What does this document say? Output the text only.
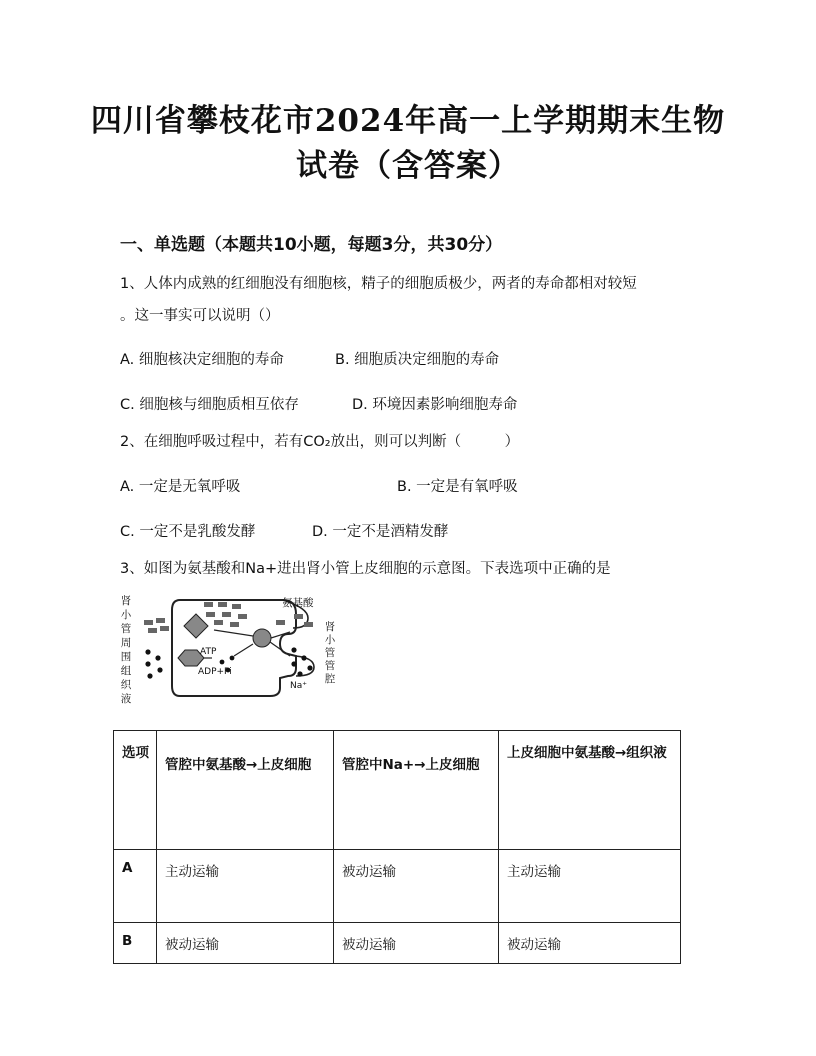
四川省攀枝花市2024年高一上学期期末生物
试卷（含答案）
一、单选题（本题共10小题，每题3分，共30分）
1、人体内成熟的红细胞没有细胞核，精子的细胞质极少，两者的寿命都相对较短
。这一事实可以说明（）
A. 细胞核决定细胞的寿命	B. 细胞质决定细胞的寿命
C. 细胞核与细胞质相互依存	D. 环境因素影响细胞寿命
2、在细胞呼吸过程中，若有CO₂放出，则可以判断（　　　）
A. 一定是无氧呼吸	B. 一定是有氧呼吸
C. 一定不是乳酸发酵	D. 一定不是酒精发酵
3、如图为氨基酸和Na+进出肾小管上皮细胞的示意图。下表选项中正确的是
肾小管周围组织液
氨基酸
ATP
ADP+Pi
Na⁺
肾小管管腔
选项	管腔中氨基酸→上皮细胞	管腔中Na+→上皮细胞	上皮细胞中氨基酸→组织液
A	主动运输	被动运输	主动运输
B	被动运输	被动运输	被动运输
